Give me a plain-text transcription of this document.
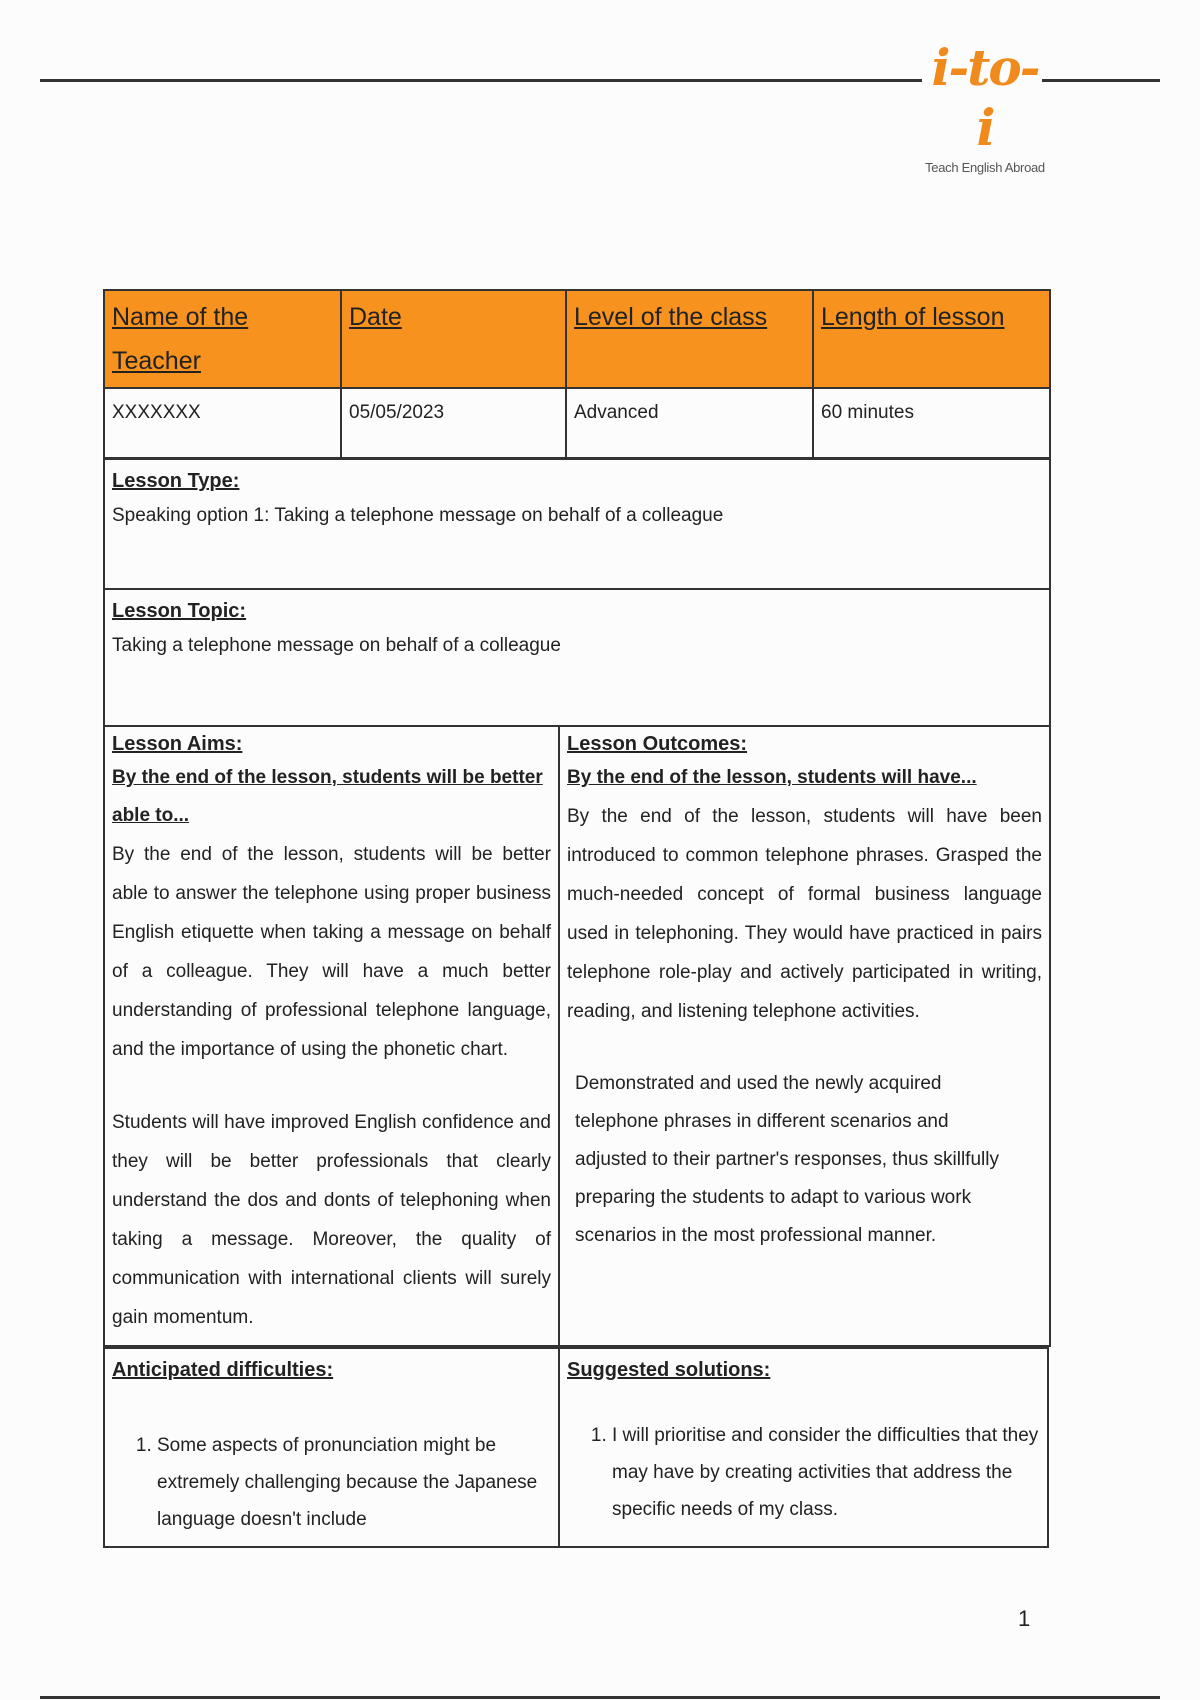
i-to-i
Teach English Abroad
Name of the Teacher	Date	Level of the class	Length of lesson
XXXXXXX	05/05/2023	Advanced	60 minutes
Lesson Type:
Speaking option 1: Taking a telephone message on behalf of a colleague

Lesson Topic:
Taking a telephone message on behalf of a colleague

Lesson Aims:
By the end of the lesson, students will be better able to...
By the end of the lesson, students will be better able to answer the telephone using proper business English etiquette when taking a message on behalf of a colleague. They will have a much better understanding of professional telephone language, and the importance of using the phonetic chart.
Students will have improved English confidence and they will be better professionals that clearly understand the dos and donts of telephoning when taking a message. Moreover, the quality of communication with international clients will surely gain momentum.

Lesson Outcomes:
By the end of the lesson, students will have...
By the end of the lesson, students will have been introduced to common telephone phrases. Grasped the much-needed concept of formal business language used in telephoning. They would have practiced in pairs telephone role-play and actively participated in writing, reading, and listening telephone activities.
Demonstrated and used the newly acquired telephone phrases in different scenarios and adjusted to their partner's responses, thus skillfully preparing the students to adapt to various work scenarios in the most professional manner.
Anticipated difficulties:
1. Some aspects of pronunciation might be extremely challenging because the Japanese language doesn't include

Suggested solutions:
1. I will prioritise and consider the difficulties that they may have by creating activities that address the specific needs of my class.
1
